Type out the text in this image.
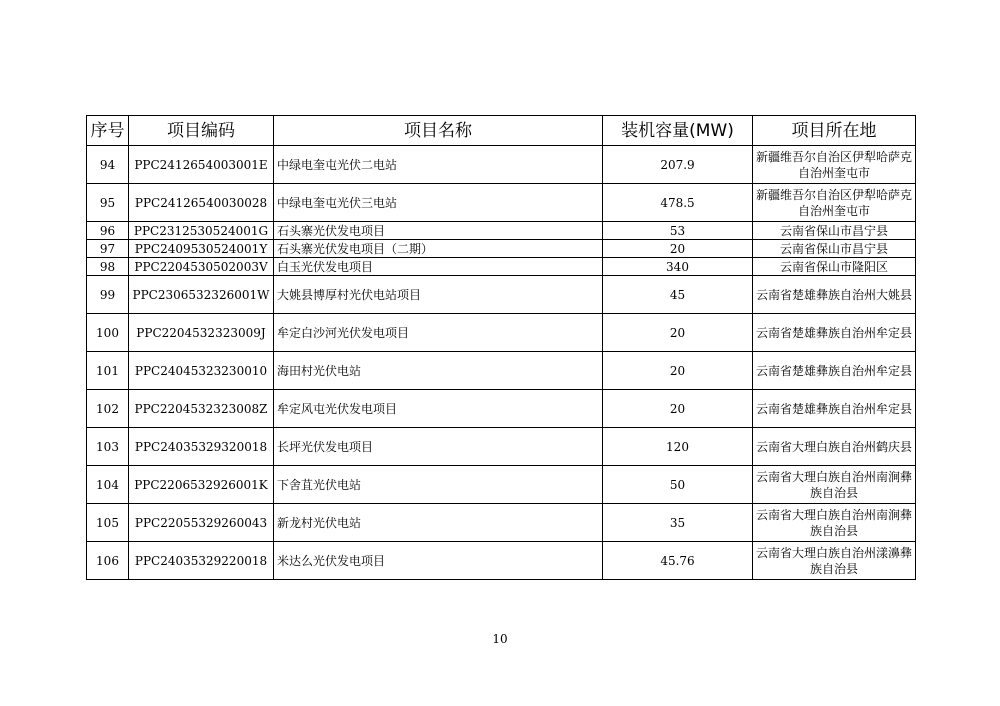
序号	项目编码	项目名称	装机容量(MW)	项目所在地
94	PPC2412654003001E	中绿电奎屯光伏二电站	207.9	新疆维吾尔自治区伊犁哈萨克自治州奎屯市
95	PPC24126540030028	中绿电奎屯光伏三电站	478.5	新疆维吾尔自治区伊犁哈萨克自治州奎屯市
96	PPC2312530524001G	石头寨光伏发电项目	53	云南省保山市昌宁县
97	PPC2409530524001Y	石头寨光伏发电项目（二期）	20	云南省保山市昌宁县
98	PPC2204530502003V	白玉光伏发电项目	340	云南省保山市隆阳区
99	PPC2306532326001W	大姚县博厚村光伏电站项目	45	云南省楚雄彝族自治州大姚县
100	PPC2204532323009J	牟定白沙河光伏发电项目	20	云南省楚雄彝族自治州牟定县
101	PPC24045323230010	海田村光伏电站	20	云南省楚雄彝族自治州牟定县
102	PPC2204532323008Z	牟定风屯光伏发电项目	20	云南省楚雄彝族自治州牟定县
103	PPC24035329320018	长坪光伏发电项目	120	云南省大理白族自治州鹤庆县
104	PPC2206532926001K	下舍苴光伏电站	50	云南省大理白族自治州南涧彝族自治县
105	PPC22055329260043	新龙村光伏电站	35	云南省大理白族自治州南涧彝族自治县
106	PPC24035329220018	米达么光伏发电项目	45.76	云南省大理白族自治州漾濞彝族自治县
10
